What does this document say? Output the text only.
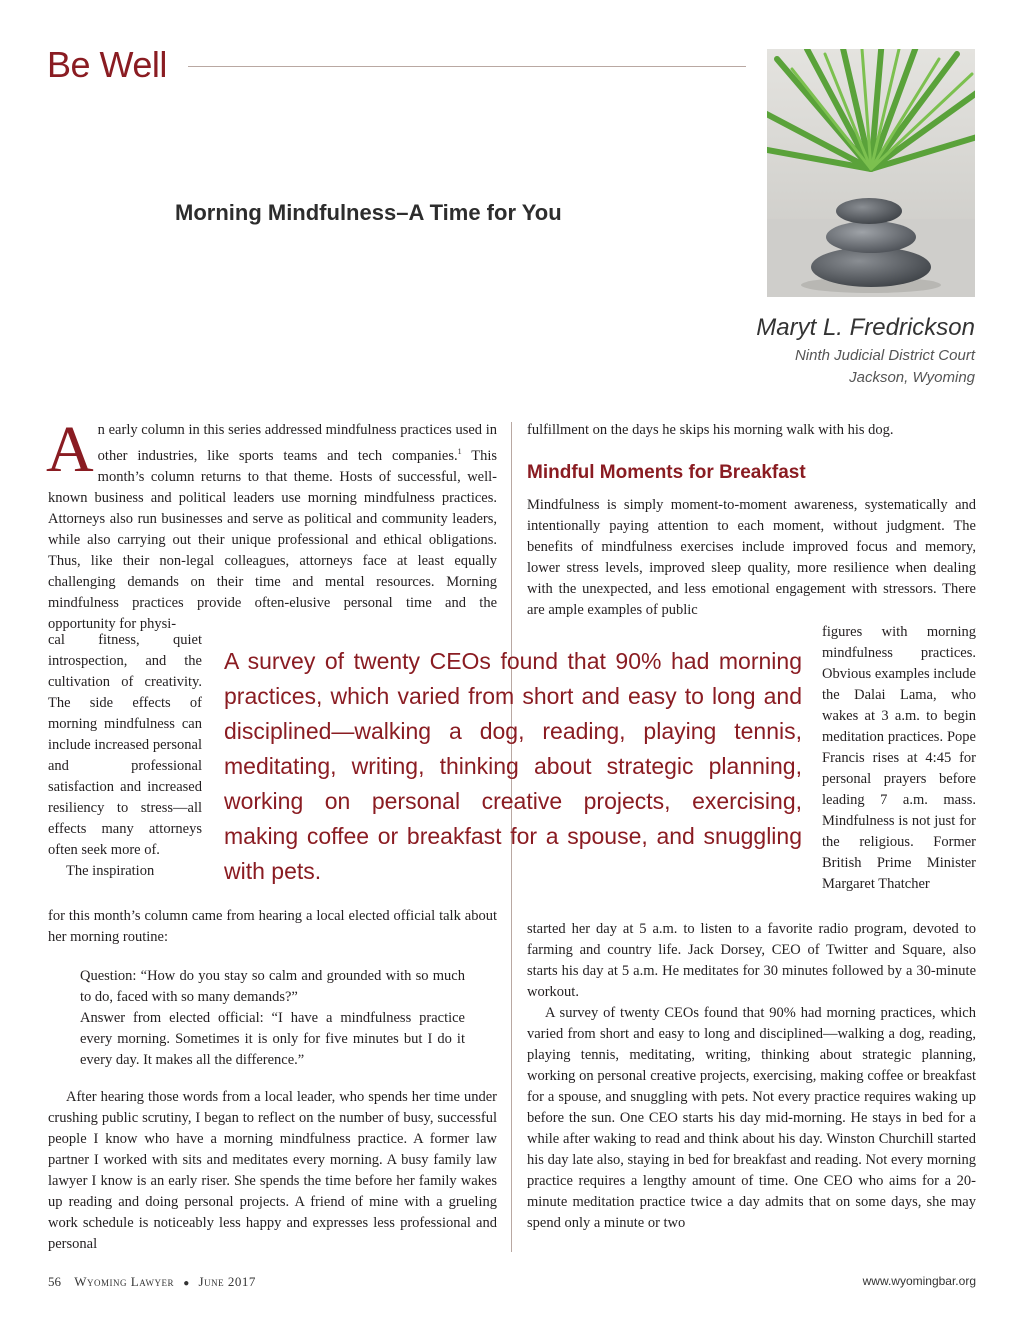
Be Well
Morning Mindfulness–A Time for You
Maryt L. Fredrickson
Ninth Judicial District Court
Jackson, Wyoming

An early column in this series addressed mindfulness practices used in other industries, like sports teams and tech companies.$^1$ This month’s column returns to that theme. Hosts of successful, well-known business and political leaders use morning mindfulness practices. Attorneys also run businesses and serve as political and community leaders, while also carrying out their unique professional and ethical obligations. Thus, like their non-legal colleagues, attorneys face at least equally challenging demands on their time and mental resources. Morning mindfulness practices provide often-elusive personal time and the opportunity for physi-

cal fitness, quiet introspection, and the cultivation of creativity. The side effects of morning mindfulness can include increased personal and professional satisfaction and increased resiliency to stress—all effects many attorneys often seek more of.

The inspiration

for this month’s column came from hearing a local elected official talk about her morning routine:

Question: “How do you stay so calm and grounded with so much to do, faced with so many demands?”

Answer from elected official: “I have a mindfulness practice every morning. Sometimes it is only for five minutes but I do it every day. It makes all the difference.”

After hearing those words from a local leader, who spends her time under crushing public scrutiny, I began to reflect on the number of busy, successful people I know who have a morning mindfulness practice. A former law partner I worked with sits and meditates every morning. A busy family law lawyer I know is an early riser. She spends the time before her family wakes up reading and doing personal projects. A friend of mine with a grueling work schedule is noticeably less happy and expresses less professional and personal

fulfillment on the days he skips his morning walk with his dog.

Mindful Moments for Breakfast

Mindfulness is simply moment-to-moment awareness, systematically and intentionally paying attention to each moment, without judgment. The benefits of mindfulness exercises include improved focus and memory, lower stress levels, improved sleep quality, more resilience when dealing with the unexpected, and less emotional engagement with stressors. There are ample examples of public

figures with morning mindfulness practices. Obvious examples include the Dalai Lama, who wakes at 3 a.m. to begin meditation practices. Pope Francis rises at 4:45 for personal prayers before leading 7 a.m. mass. Mindfulness is not just for the religious. Former British Prime Minister Margaret Thatcher

started her day at 5 a.m. to listen to a favorite radio program, devoted to farming and country life. Jack Dorsey, CEO of Twitter and Square, also starts his day at 5 a.m. He meditates for 30 minutes followed by a 30-minute workout.

A survey of twenty CEOs found that 90% had morning practices, which varied from short and easy to long and disciplined—walking a dog, reading, playing tennis, meditating, writing, thinking about strategic planning, working on personal creative projects, exercising, making coffee or breakfast for a spouse, and snuggling with pets. Not every practice requires waking up before the sun. One CEO starts his day mid-morning. He stays in bed for a while after waking to read and think about his day. Winston Churchill started his day late also, staying in bed for breakfast and reading. Not every morning practice requires a lengthy amount of time. One CEO who aims for a 20-minute meditation practice twice a day admits that on some days, she may spend only a minute or two

A survey of twenty CEOs found that 90% had morning practices, which varied from short and easy to long and disciplined—walking a dog, reading, playing tennis, meditating, writing, thinking about strategic planning, working on personal creative projects, exercising, making coffee or breakfast for a spouse, and snuggling with pets.
56 Wyoming Lawyer ● June 2017	www.wyomingbar.org
